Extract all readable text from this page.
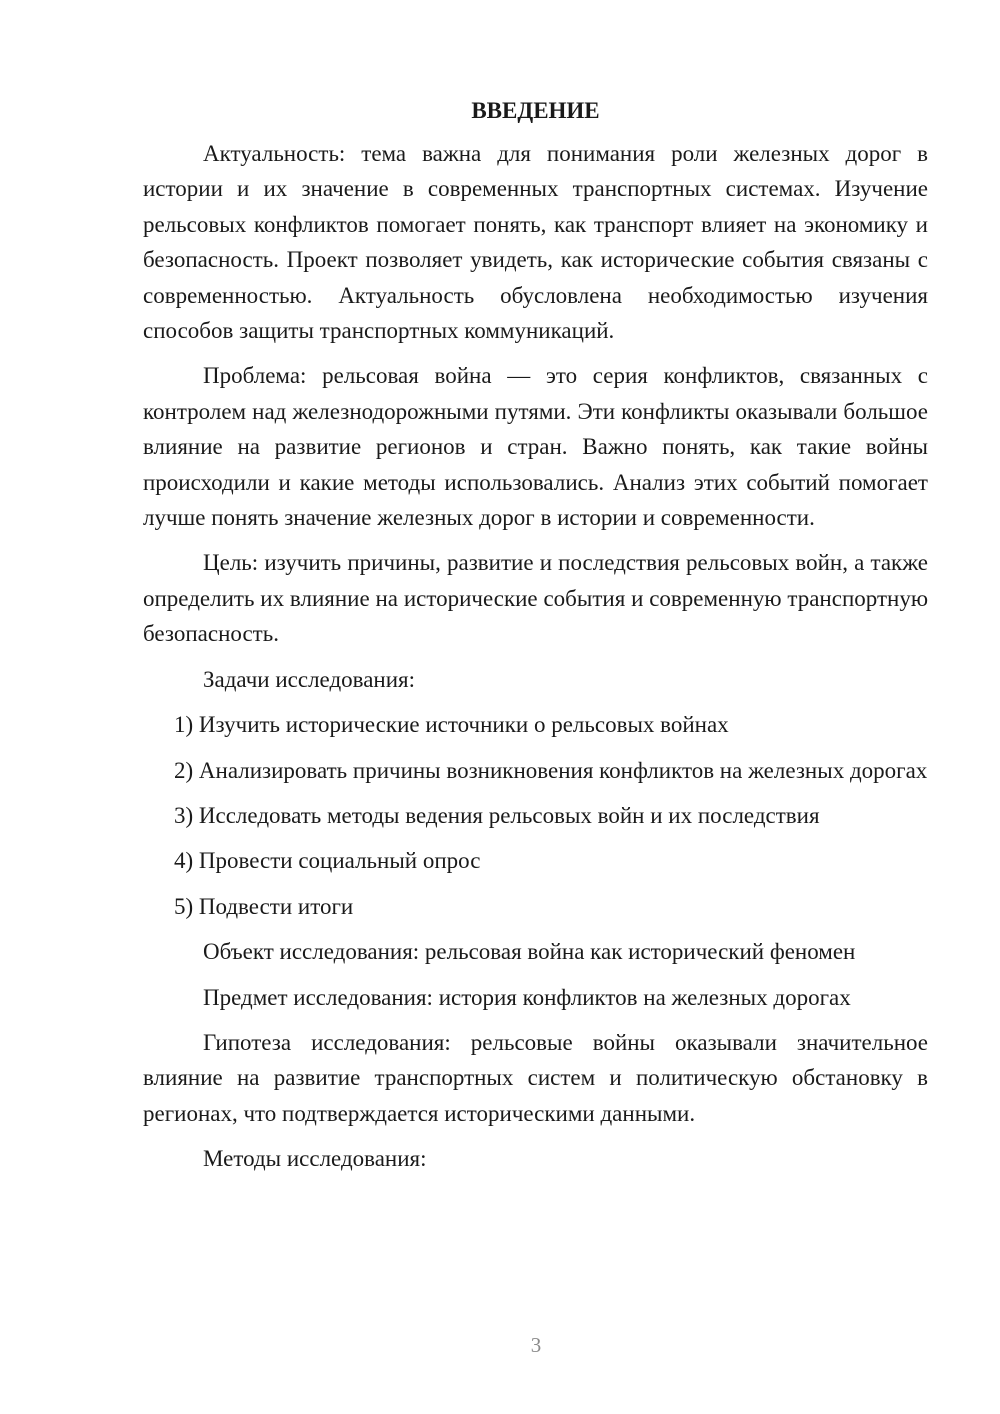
ВВЕДЕНИЕ

Актуальность: тема важна для понимания роли железных дорог в истории и их значение в современных транспортных системах. Изучение рельсовых конфликтов помогает понять, как транспорт влияет на экономику и безопасность. Проект позволяет увидеть, как исторические события связаны с современностью. Актуальность обусловлена необходимостью изучения способов защиты транспортных коммуникаций.

Проблема: рельсовая война — это серия конфликтов, связанных с контролем над железнодорожными путями. Эти конфликты оказывали большое влияние на развитие регионов и стран. Важно понять, как такие войны происходили и какие методы использовались. Анализ этих событий помогает лучше понять значение железных дорог в истории и современности.

Цель: изучить причины, развитие и последствия рельсовых войн, а также определить их влияние на исторические события и современную транспортную безопасность.

Задачи исследования:

1) Изучить исторические источники о рельсовых войнах

2) Анализировать причины возникновения конфликтов на железных дорогах

3) Исследовать методы ведения рельсовых войн и их последствия

4) Провести социальный опрос

5) Подвести итоги

Объект исследования: рельсовая война как исторический феномен

Предмет исследования: история конфликтов на железных дорогах

Гипотеза исследования: рельсовые войны оказывали значительное влияние на развитие транспортных систем и политическую обстановку в регионах, что подтверждается историческими данными.

Методы исследования:

3
